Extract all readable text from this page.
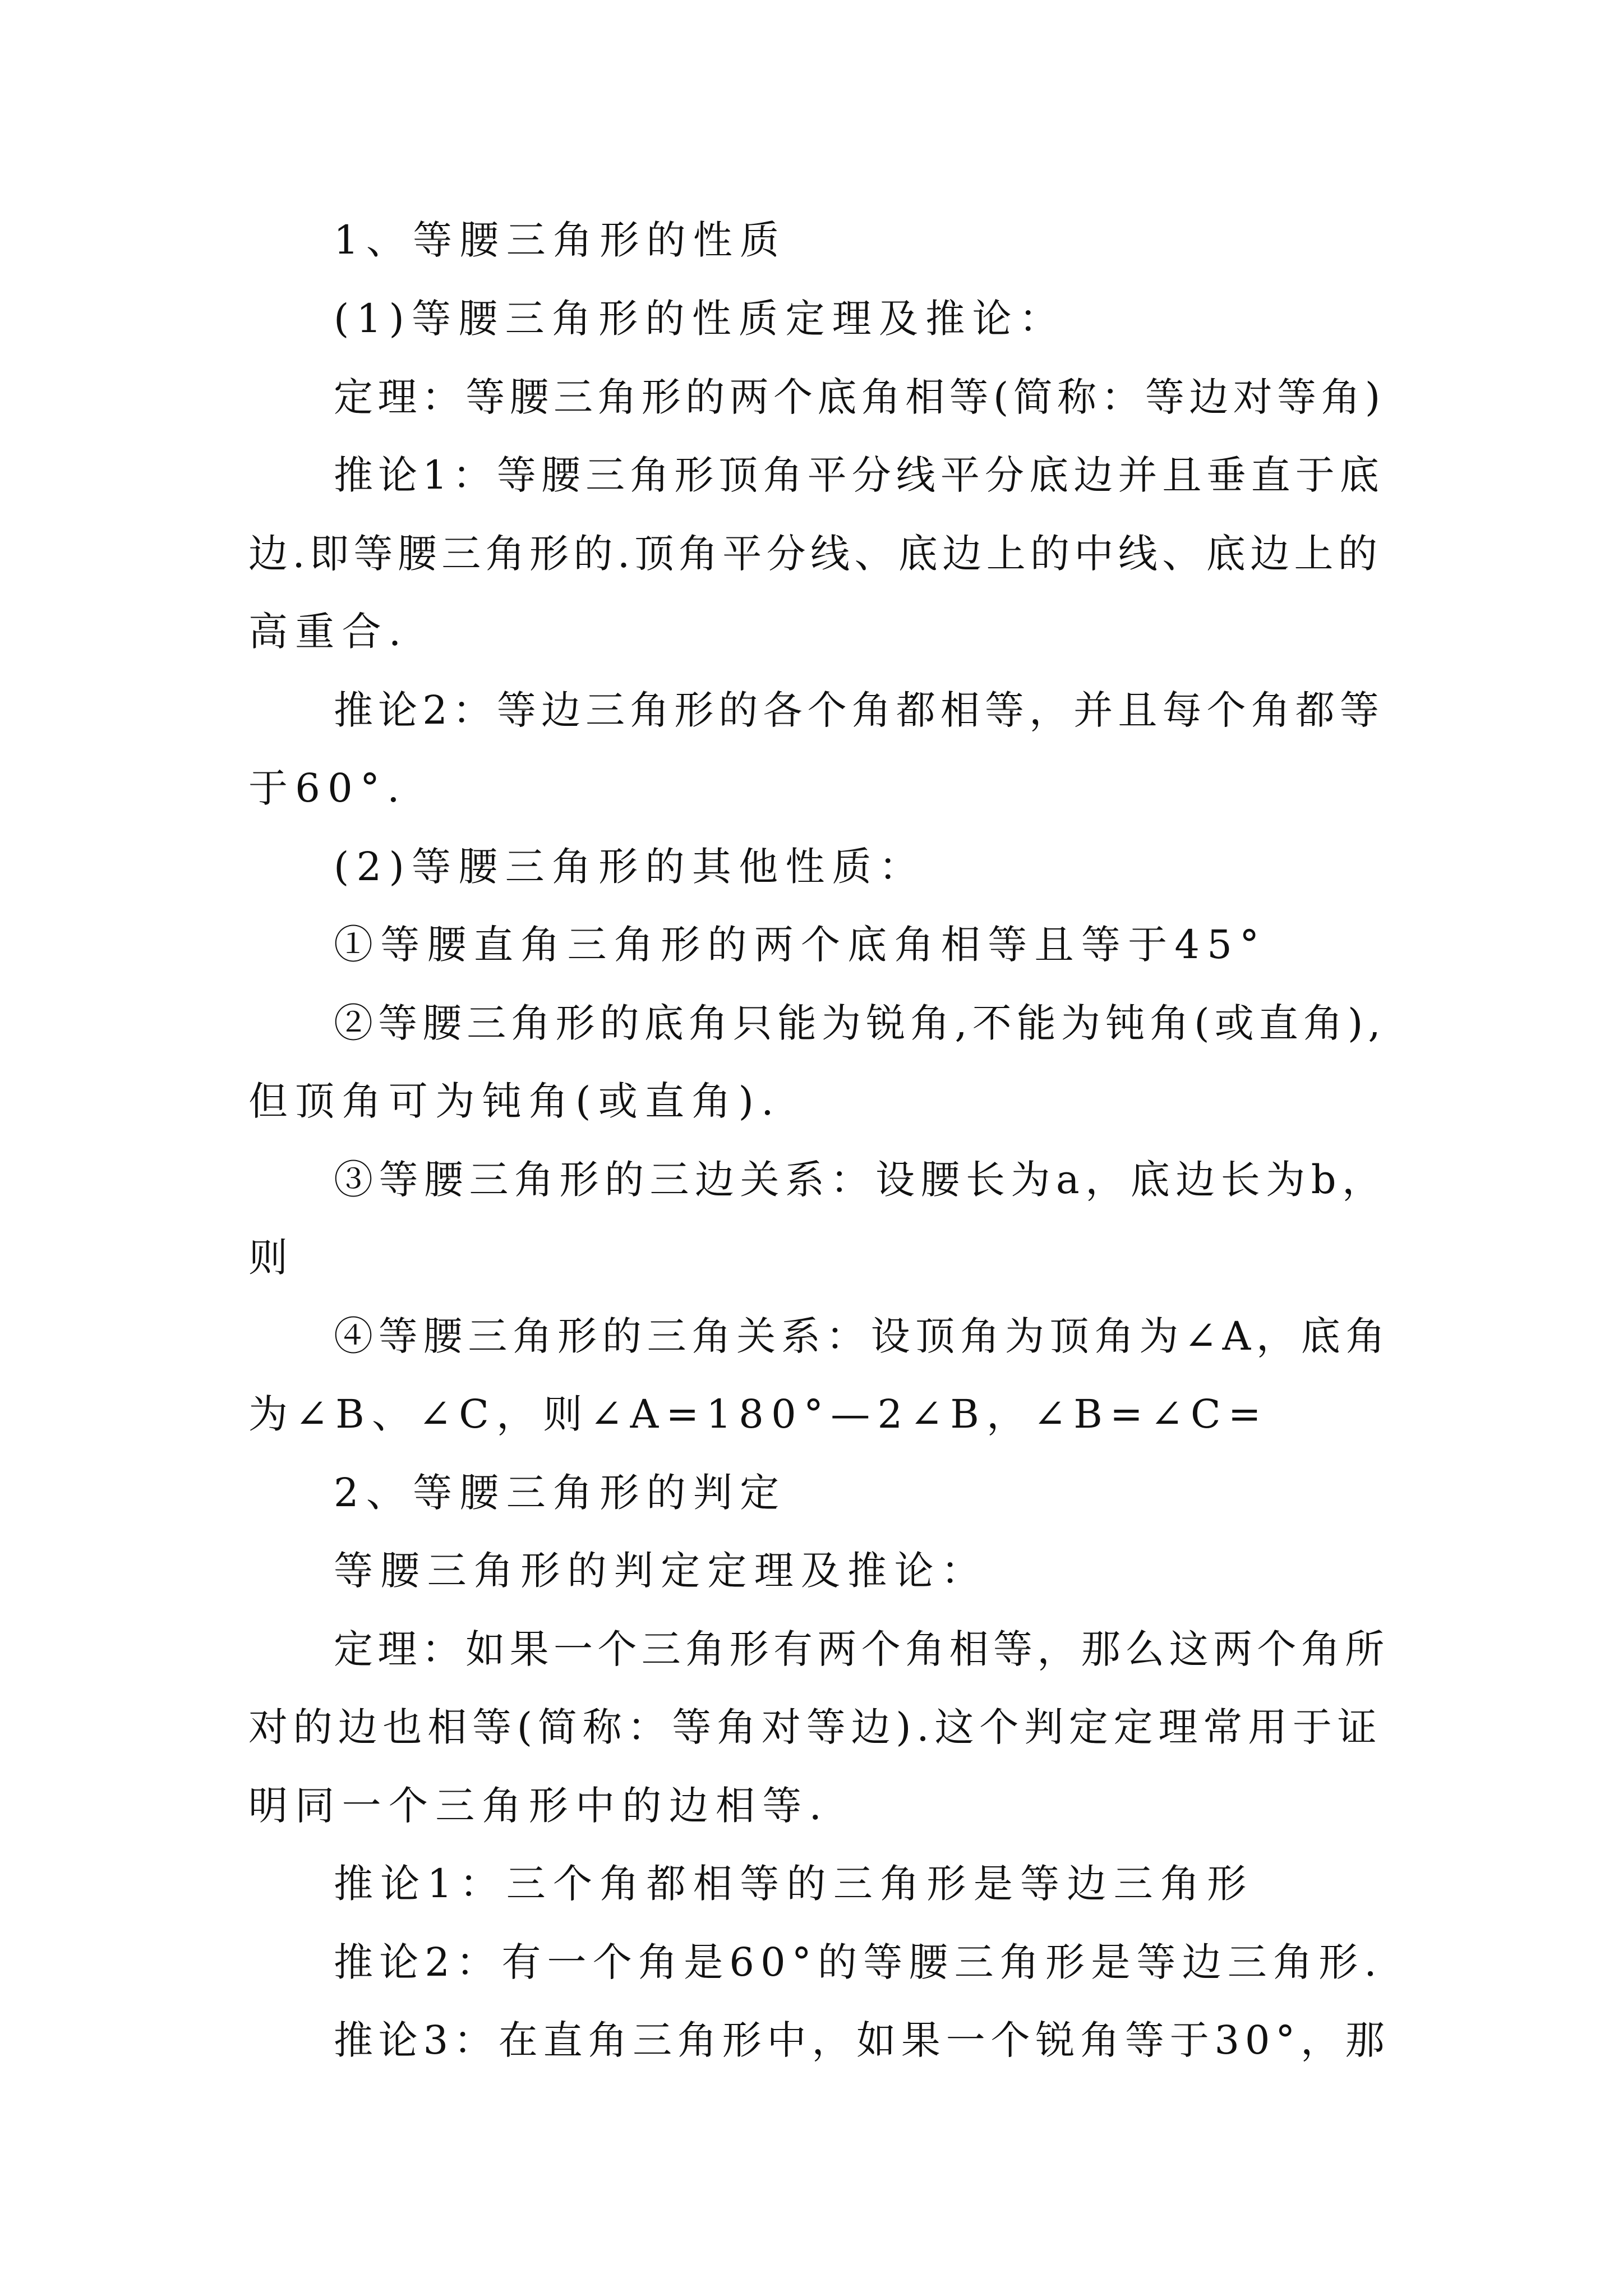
1、等腰三角形的性质
(1)等腰三角形的性质定理及推论：
定理：等腰三角形的两个底角相等(简称：等边对等角)
推论1：等腰三角形顶角平分线平分底边并且垂直于底
边.即等腰三角形的.顶角平分线、底边上的中线、底边上的
高重合.
推论2：等边三角形的各个角都相等，并且每个角都等
于60°.
(2)等腰三角形的其他性质：
①等腰直角三角形的两个底角相等且等于45°
②等腰三角形的底角只能为锐角,不能为钝角(或直角),
但顶角可为钝角(或直角).
③等腰三角形的三边关系：设腰长为a，底边长为b，
则
④等腰三角形的三角关系：设顶角为顶角为∠A，底角
为∠B、∠C，则∠A=180°—2∠B，∠B=∠C=
2、等腰三角形的判定
等腰三角形的判定定理及推论：
定理：如果一个三角形有两个角相等，那么这两个角所
对的边也相等(简称：等角对等边).这个判定定理常用于证
明同一个三角形中的边相等.
推论1：三个角都相等的三角形是等边三角形
推论2：有一个角是60°的等腰三角形是等边三角形.
推论3：在直角三角形中，如果一个锐角等于30°，那
